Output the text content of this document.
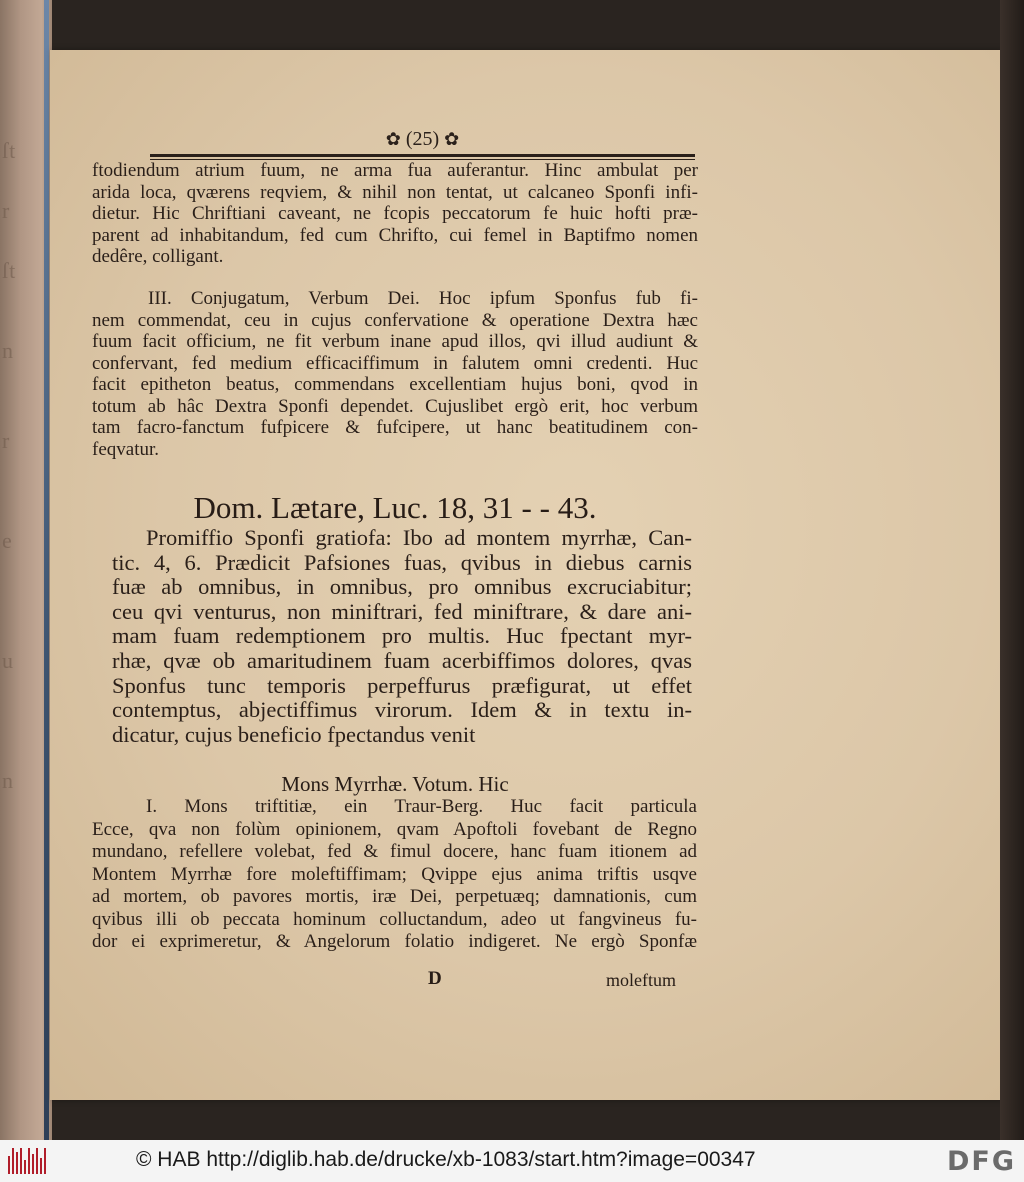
ſt
r
ſt
n
r
e
u
n
✿ (25) ✿
ftodiendum atrium fuum, ne arma fua auferantur. Hinc ambulat per
arida loca, qværens reqviem, & nihil non tentat, ut calcaneo Sponfi infi-
dietur. Hic Chriftiani caveant, ne fcopis peccatorum fe huic hofti præ-
parent ad inhabitandum, fed cum Chrifto, cui femel in Baptifmo nomen
dedêre, colligant.
III. Conjugatum, Verbum Dei. Hoc ipfum Sponfus fub fi-
nem commendat, ceu in cujus confervatione & operatione Dextra hæc
fuum facit officium, ne fit verbum inane apud illos, qvi illud audiunt &
confervant, fed medium efficaciffimum in falutem omni credenti. Huc
facit epitheton beatus, commendans excellentiam hujus boni, qvod in
totum ab hâc Dextra Sponfi dependet. Cujuslibet ergò erit, hoc verbum
tam facro-fanctum fufpicere & fufcipere, ut hanc beatitudinem con-
feqvatur.
Dom. Lætare, Luc. 18, 31 - - 43.
Promiffio Sponfi gratiofa: Ibo ad montem myrrhæ, Can-
tic. 4, 6. Prædicit Pafsiones fuas, qvibus in diebus carnis
fuæ ab omnibus, in omnibus, pro omnibus excruciabitur;
ceu qvi venturus, non miniftrari, fed miniftrare, & dare ani-
mam fuam redemptionem pro multis. Huc fpectant myr-
rhæ, qvæ ob amaritudinem fuam acerbiffimos dolores, qvas
Sponfus tunc temporis perpeffurus præfigurat, ut effet
contemptus, abjectiffimus virorum. Idem & in textu in-
dicatur, cujus beneficio fpectandus venit
Mons Myrrhæ. Votum. Hic
I. Mons triftitiæ, ein Traur-Berg. Huc facit particula
Ecce, qva non folùm opinionem, qvam Apoftoli fovebant de Regno
mundano, refellere volebat, fed & fimul docere, hanc fuam itionem ad
Montem Myrrhæ fore moleftiffimam; Qvippe ejus anima triftis usqve
ad mortem, ob pavores mortis, iræ Dei, perpetuæq; damnationis, cum
qvibus illi ob peccata hominum colluctandum, adeo ut fangvineus fu-
dor ei exprimeretur, & Angelorum folatio indigeret. Ne ergò Sponfæ
D	moleftum
© HAB http://diglib.hab.de/drucke/xb-1083/start.htm?image=00347	DFG
